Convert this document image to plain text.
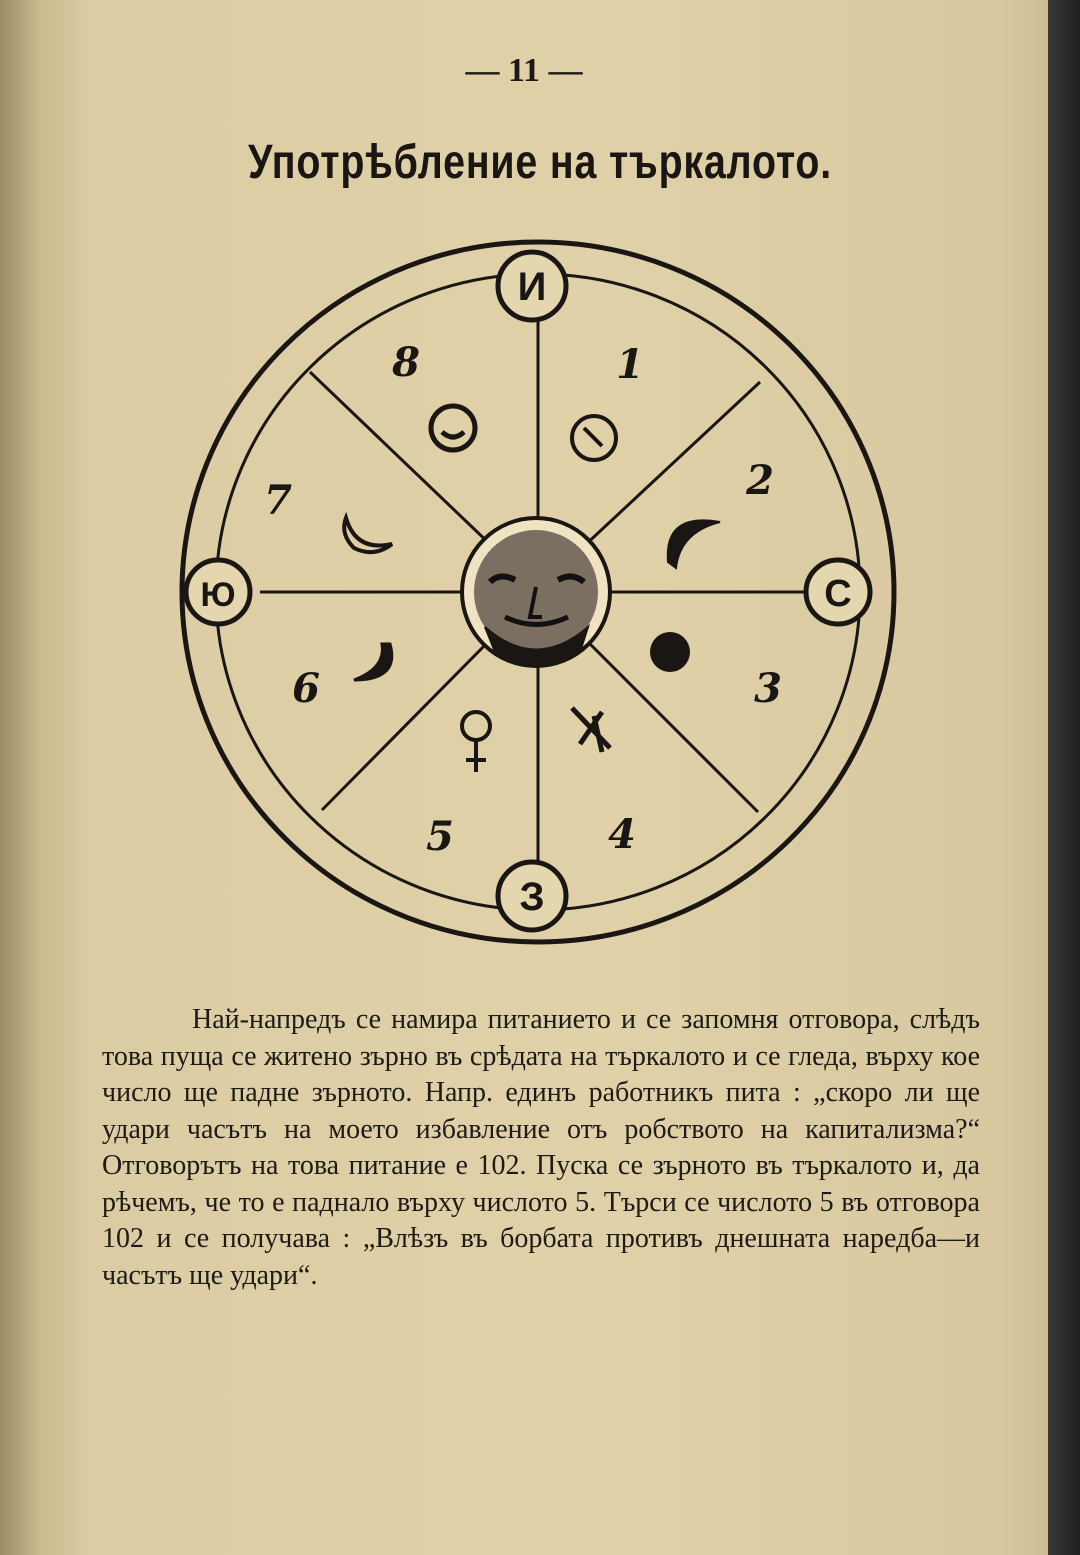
— 11 —
Употрѣбление на търкалото.
И
Ю	С
З
1
2
3
4
5
6
7
8

Най-напредъ се намира питанието и се запомня отговора, слѣдъ това пуща се житено зърно въ срѣдата на търкалото и се гледа, върху кое число ще падне зърното. Напр. единъ работникъ пита : „скоро ли ще удари часътъ на моето избавление отъ робството на капитализма?“ Отговорътъ на това питание е 102. Пуска се зърното въ търкалото и, да рѣчемъ, че то е паднало върху числото 5. Търси се числото 5 въ отговора 102 и се получава : „Влѣзъ въ борбата противъ днешната наредба—и часътъ ще удари“.
